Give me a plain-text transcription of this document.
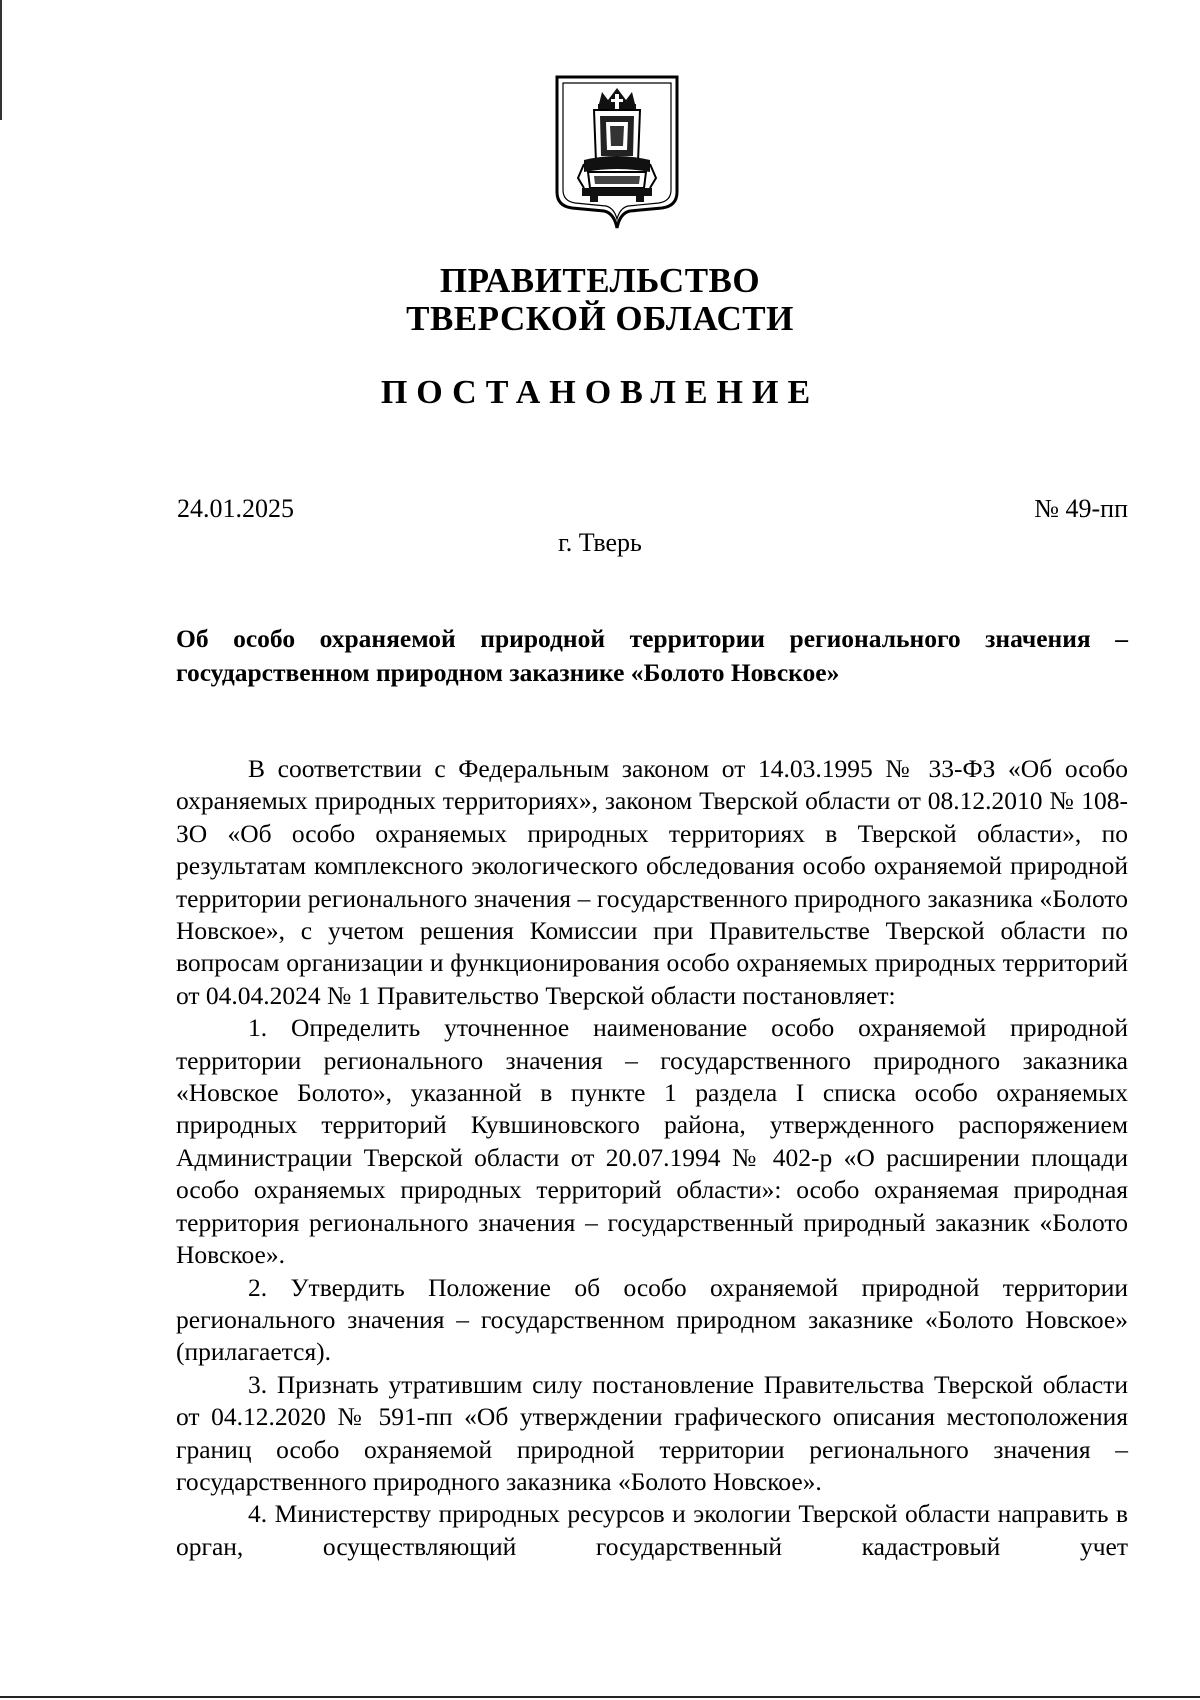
ПРАВИТЕЛЬСТВО
ТВЕРСКОЙ ОБЛАСТИ
ПОСТАНОВЛЕНИЕ
24.01.2025	№ 49-пп
г. Тверь
Об особо охраняемой природной территории регионального значения – государственном природном заказнике «Болото Новское»

В соответствии с Федеральным законом от 14.03.1995 № 33-ФЗ «Об особо охраняемых природных территориях», законом Тверской области от 08.12.2010 № 108-ЗО «Об особо охраняемых природных территориях в Тверской области», по результатам комплексного экологического обследования особо охраняемой природной территории регионального значения – государственного природного заказника «Болото Новское», с учетом решения Комиссии при Правительстве Тверской области по вопросам организации и функционирования особо охраняемых природных территорий от 04.04.2024 № 1 Правительство Тверской области постановляет:

1. Определить уточненное наименование особо охраняемой природной территории регионального значения – государственного природного заказника «Новское Болото», указанной в пункте 1 раздела I списка особо охраняемых природных территорий Кувшиновского района, утвержденного распоряжением Администрации Тверской области от 20.07.1994 № 402-р «О расширении площади особо охраняемых природных территорий области»: особо охраняемая природная территория регионального значения – государственный природный заказник «Болото Новское».

2. Утвердить Положение об особо охраняемой природной территории регионального значения – государственном природном заказнике «Болото Новское» (прилагается).

3. Признать утратившим силу постановление Правительства Тверской области от 04.12.2020 № 591-пп «Об утверждении графического описания местоположения границ особо охраняемой природной территории регионального значения – государственного природного заказника «Болото Новское».

4. Министерству природных ресурсов и экологии Тверской области направить в орган, осуществляющий государственный кадастровый учет
